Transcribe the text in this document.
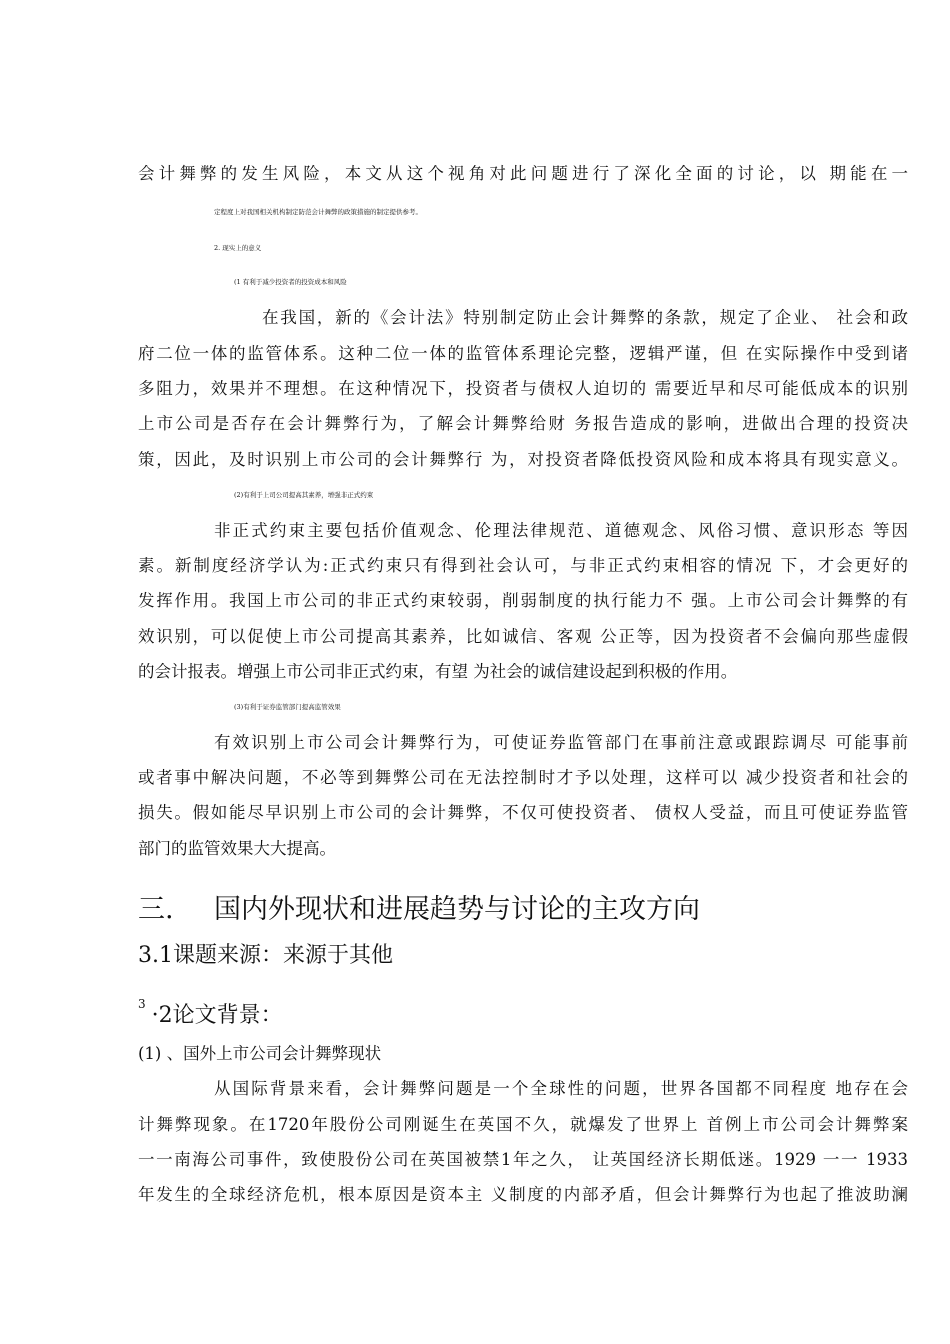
会计舞弊的发生风险，本文从这个视角对此问题进行了深化全面的讨论，以 期能在一
定程度上对我国相关机构制定防范会计舞弊的政策措施的制定提供参考。
2. 现实上的意义
(1 有利于减少投资者的投资成本和风险
在我国，新的《会计法》特别制定防止会计舞弊的条款，规定了企业、 社会和政
府二位一体的监管体系。这种二位一体的监管体系理论完整，逻辑严谨，但 在实际操作中受到诸
多阻力，效果并不理想。在这种情况下，投资者与债权人迫切的 需要近早和尽可能低成本的识别
上市公司是否存在会计舞弊行为，了解会计舞弊给财 务报告造成的影响，进做出合理的投资决
策，因此，及时识别上市公司的会计舞弊行 为，对投资者降低投资风险和成本将具有现实意义。
(2)有利于上司公司提高其素养，增强非正式约束
非正式约束主要包括价值观念、伦理法律规范、道德观念、风俗习惯、意识形态 等因
素。新制度经济学认为:正式约束只有得到社会认可，与非正式约束相容的情况 下，才会更好的
发挥作用。我国上市公司的非正式约束较弱，削弱制度的执行能力不 强。上市公司会计舞弊的有
效识别，可以促使上市公司提高其素养，比如诚信、客观 公正等，因为投资者不会偏向那些虚假
的会计报表。增强上市公司非正式约束，有望 为社会的诚信建设起到积极的作用。
(3)有利于证券监管部门提高监管效果
有效识别上市公司会计舞弊行为，可使证券监管部门在事前注意或跟踪调尽 可能事前
或者事中解决问题，不必等到舞弊公司在无法控制时才予以处理，这样可以 减少投资者和社会的
损失。假如能尽早识别上市公司的会计舞弊，不仅可使投资者、 债权人受益，而且可使证券监管
部门的监管效果大大提高。
三. 国内外现状和进展趋势与讨论的主攻方向
3.1课题来源：来源于其他
$^3$ ·2论文背景：
(1) 、国外上市公司会计舞弊现状
从国际背景来看，会计舞弊问题是一个全球性的问题，世界各国都不同程度 地存在会
计舞弊现象。在1720年股份公司刚诞生在英国不久，就爆发了世界上 首例上市公司会计舞弊案
一一南海公司事件，致使股份公司在英国被禁1年之久， 让英国经济长期低迷。1929 一一 1933
年发生的全球经济危机，根本原因是资本主 义制度的内部矛盾，但会计舞弊行为也起了推波助澜
